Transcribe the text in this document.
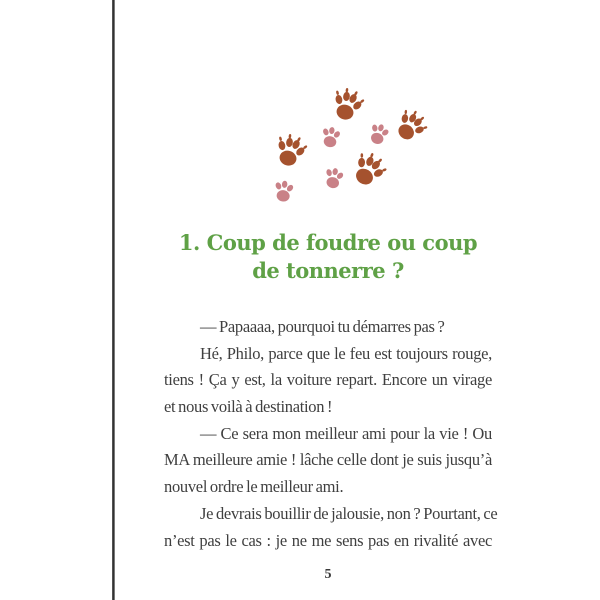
1. Coup de foudre ou coup
de tonnerre ?
— Papaaaa, pourquoi tu démarres pas ?
Hé, Philo, parce que le feu est toujours rouge,
tiens ! Ça y est, la voiture repart. Encore un virage
et nous voilà à destination !
— Ce sera mon meilleur ami pour la vie ! Ou
MA meilleure amie ! lâche celle dont je suis jusqu’à
nouvel ordre le meilleur ami.
Je devrais bouillir de jalousie, non ? Pourtant, ce
n’est pas le cas : je ne me sens pas en rivalité avec
5
